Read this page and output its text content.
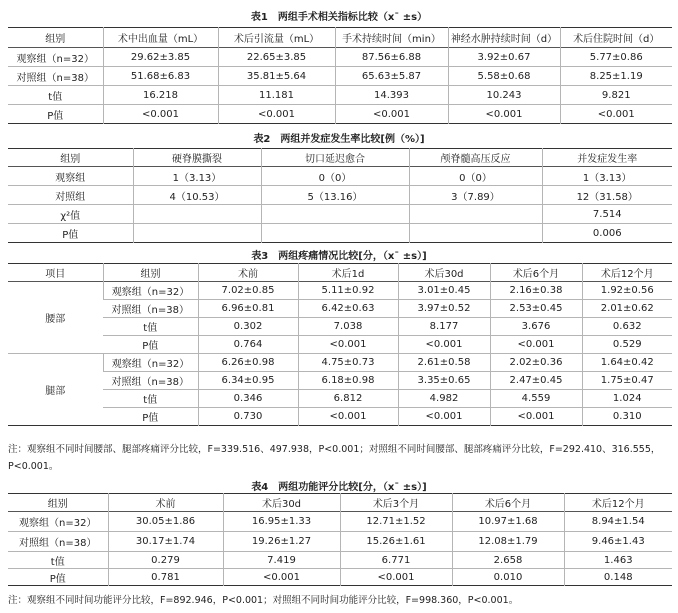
表1　两组手术相关指标比较（x¯ ±s）
组别	术中出血量（mL）	术后引流量（mL）	手术持续时间（min）	神经水肿持续时间（d）	术后住院时间（d）
观察组（n=32）	29.62±3.85	22.65±3.85	87.56±6.88	3.92±0.67	5.77±0.86
对照组（n=38）	51.68±6.83	35.81±5.64	65.63±5.87	5.58±0.68	8.25±1.19
t值	16.218	11.181	14.393	10.243	9.821
P值	<0.001	<0.001	<0.001	<0.001	<0.001
表2　两组并发症发生率比较[例（%）]
组别	硬脊膜撕裂	切口延迟愈合	颅脊髓高压反应	并发症发生率
观察组	1（3.13）	0（0）	0（0）	1（3.13）
对照组	4（10.53）	5（13.16）	3（7.89）	12（31.58）
χ²值				7.514
P值				0.006
表3　两组疼痛情况比较[分，（x¯ ±s）]
项目	组别	术前	术后1d	术后30d	术后6个月	术后12个月
腰部	观察组（n=32）	7.02±0.85	5.11±0.92	3.01±0.45	2.16±0.38	1.92±0.56
	对照组（n=38）	6.96±0.81	6.42±0.63	3.97±0.52	2.53±0.45	2.01±0.62
	t值	0.302	7.038	8.177	3.676	0.632
	P值	0.764	<0.001	<0.001	<0.001	0.529
腿部	观察组（n=32）	6.26±0.98	4.75±0.73	2.61±0.58	2.02±0.36	1.64±0.42
	对照组（n=38）	6.34±0.95	6.18±0.98	3.35±0.65	2.47±0.45	1.75±0.47
	t值	0.346	6.812	4.982	4.559	1.024
	P值	0.730	<0.001	<0.001	<0.001	0.310
注：观察组不同时间腰部、腿部疼痛评分比较，F=339.516、497.938，P<0.001；对照组不同时间腰部、腿部疼痛评分比较，F=292.410、316.555，P<0.001。
表4　两组功能评分比较[分，（x¯ ±s）]
组别	术前	术后30d	术后3个月	术后6个月	术后12个月
观察组（n=32）	30.05±1.86	16.95±1.33	12.71±1.52	10.97±1.68	8.94±1.54
对照组（n=38）	30.17±1.74	19.26±1.27	15.26±1.61	12.08±1.79	9.46±1.43
t值	0.279	7.419	6.771	2.658	1.463
P值	0.781	<0.001	<0.001	0.010	0.148
注：观察组不同时间功能评分比较，F=892.946，P<0.001；对照组不同时间功能评分比较，F=998.360，P<0.001。
